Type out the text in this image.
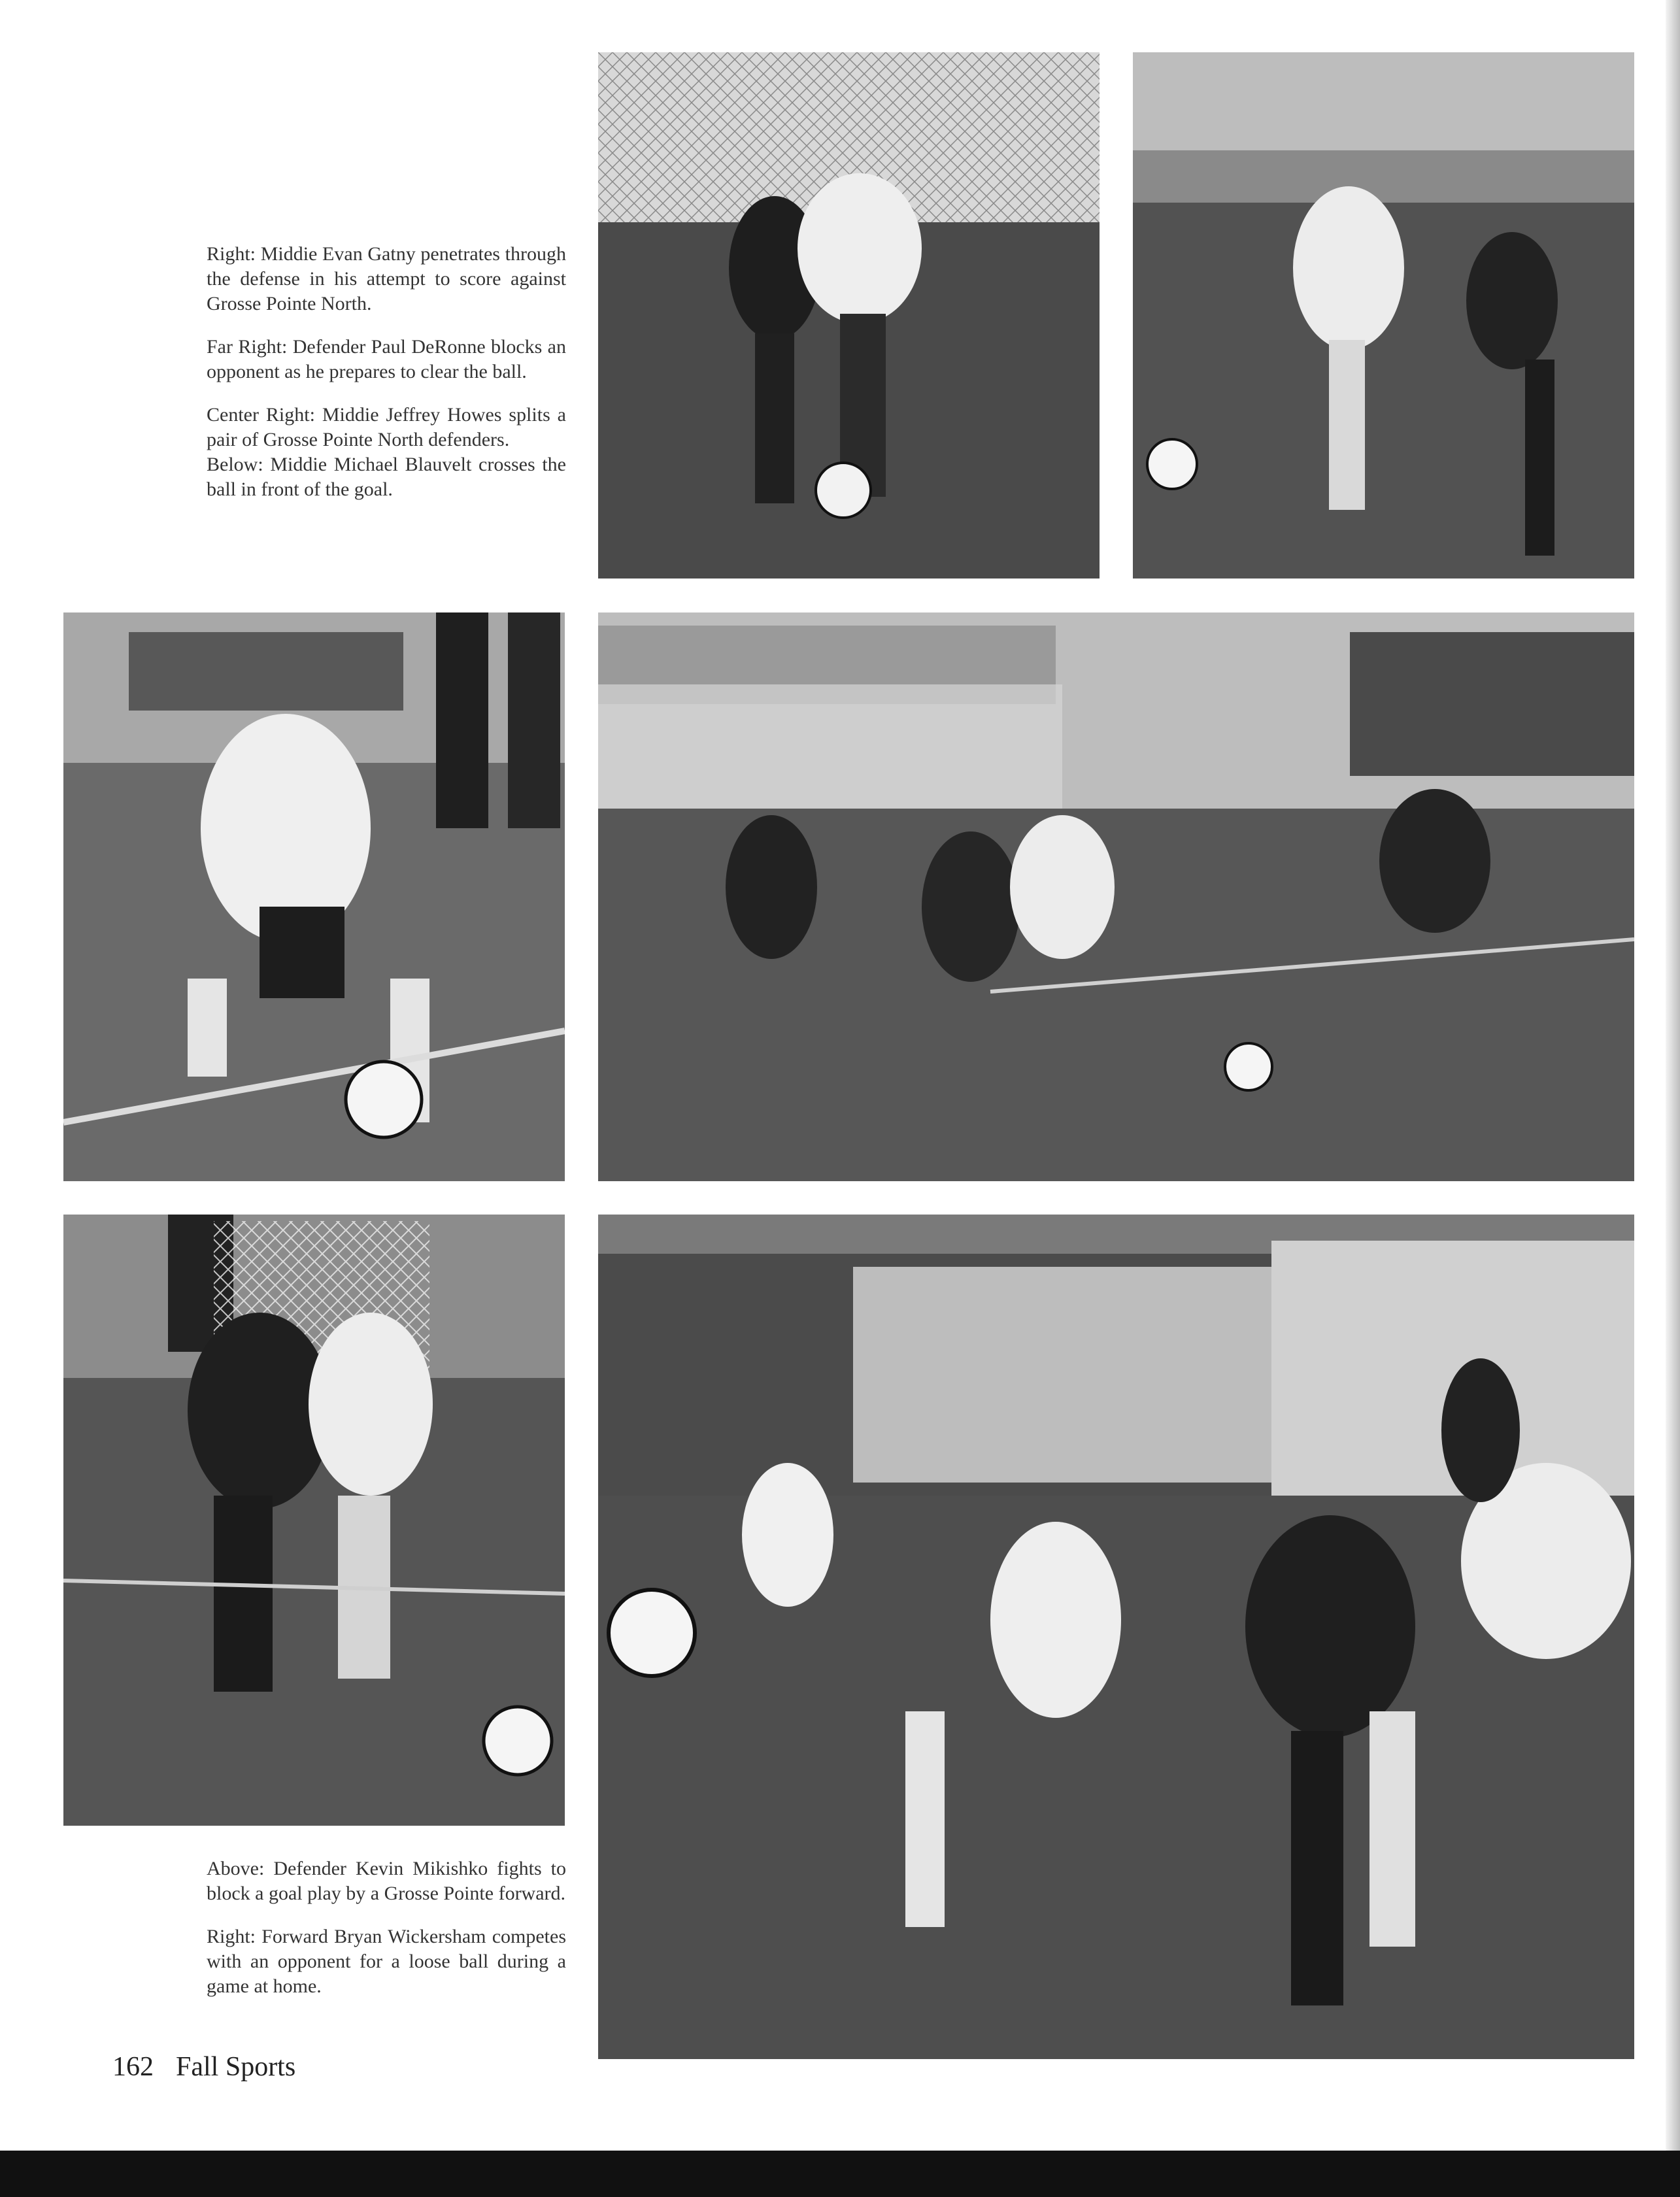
Right: Middie Evan Gatny penetrates through the defense in his attempt to score against Grosse Pointe North.

Far Right: Defender Paul DeRonne blocks an opponent as he prepares to clear the ball.

Center Right: Middie Jeffrey Howes splits a pair of Grosse Pointe North defenders.

Below: Middie Michael Blauvelt crosses the ball in front of the goal.

Above: Defender Kevin Mikishko fights to block a goal play by a Grosse Pointe forward.

Right: Forward Bryan Wickersham competes with an opponent for a loose ball during a game at home.

162 Fall Sports
